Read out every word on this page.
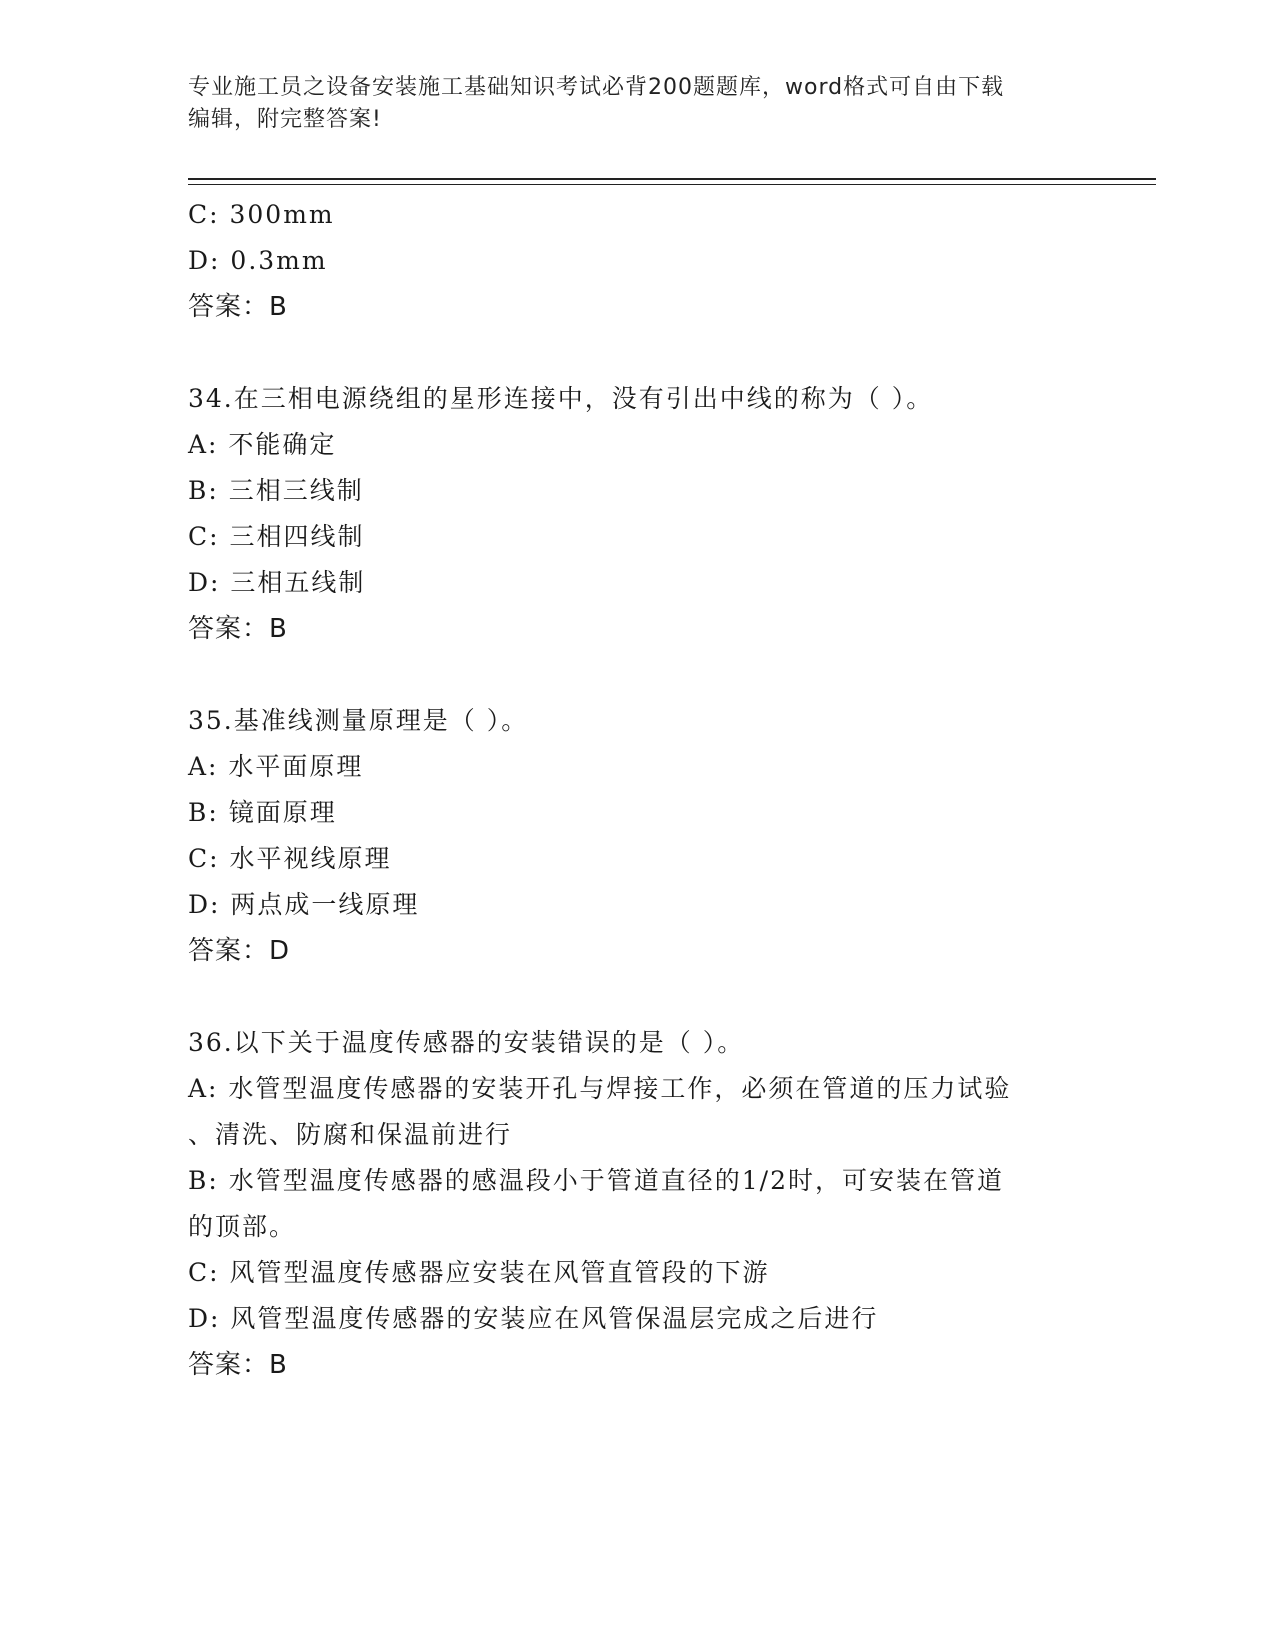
专业施工员之设备安装施工基础知识考试必背200题题库，word格式可自由下载
编辑，附完整答案!
C: 300mm
D: 0.3mm
答案：B
34.在三相电源绕组的星形连接中，没有引出中线的称为（ ）。
A: 不能确定
B: 三相三线制
C: 三相四线制
D: 三相五线制
答案：B
35.基准线测量原理是（ ）。
A: 水平面原理
B: 镜面原理
C: 水平视线原理
D: 两点成一线原理
答案：D
36.以下关于温度传感器的安装错误的是（ ）。
A: 水管型温度传感器的安装开孔与焊接工作，必须在管道的压力试验
、清洗、防腐和保温前进行
B: 水管型温度传感器的感温段小于管道直径的1/2时，可安装在管道
的顶部。
C: 风管型温度传感器应安装在风管直管段的下游
D: 风管型温度传感器的安装应在风管保温层完成之后进行
答案：B
